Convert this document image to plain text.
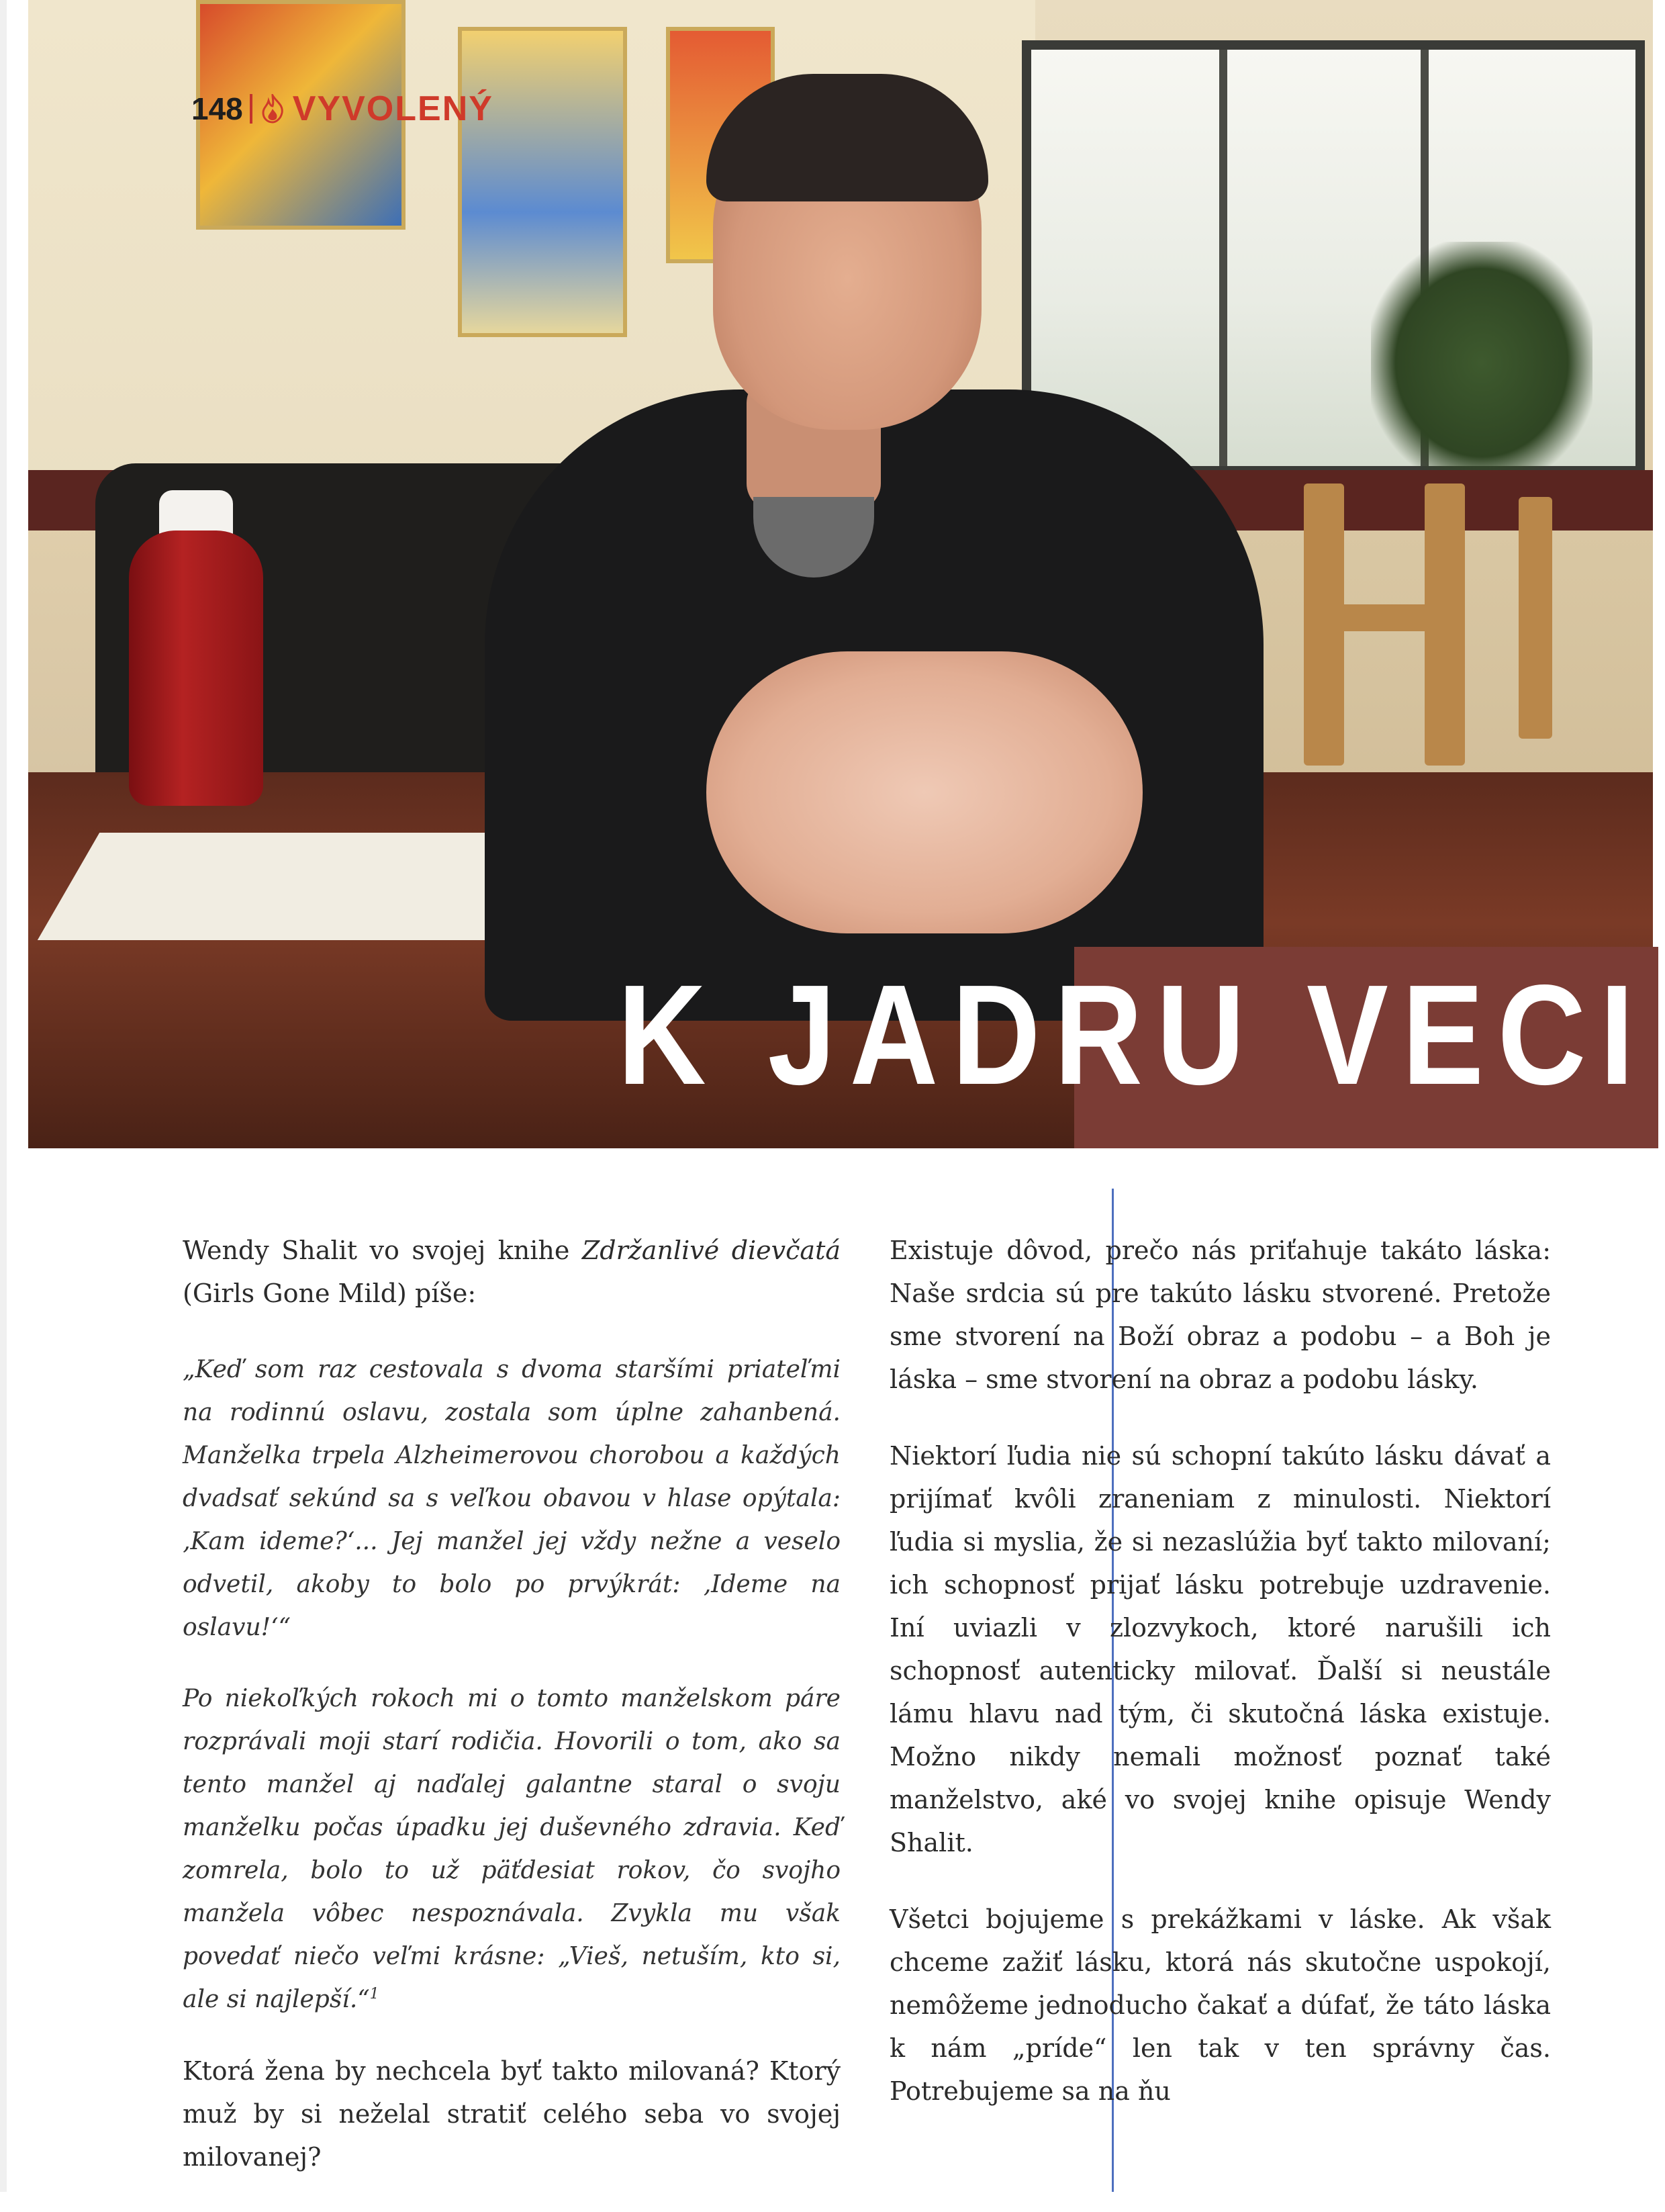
148 VYVOLENÝ
K JADRU VECI

Wendy Shalit vo svojej knihe Zdržanlivé dievčatá (Girls Gone Mild) píše:

„Keď som raz cestovala s dvoma staršími priateľmi na rodinnú oslavu, zostala som úplne zahanbená. Manželka trpela Alzheimerovou chorobou a každých dvadsať sekúnd sa s veľkou obavou v hlase opýtala: ‚Kam ideme?‘... Jej manžel jej vždy nežne a veselo odvetil, akoby to bolo po prvýkrát: ‚Ideme na oslavu!‘“

Po niekoľkých rokoch mi o tomto manželskom páre rozprávali moji starí rodičia. Hovorili o tom, ako sa tento manžel aj naďalej galantne staral o svoju manželku počas úpadku jej duševného zdravia. Keď zomrela, bolo to už päťdesiat rokov, čo svojho manžela vôbec nespoznávala. Zvykla mu však povedať niečo veľmi krásne: „Vieš, netuším, kto si, ale si najlepší.“$^1$

Ktorá žena by nechcela byť takto milovaná? Ktorý muž by si neželal stratiť celého seba vo svojej milovanej?

Existuje dôvod, prečo nás priťahuje takáto láska: Naše srdcia sú pre takúto lásku stvorené. Pretože sme stvorení na Boží obraz a podobu – a Boh je láska – sme stvorení na obraz a podobu lásky.

Niektorí ľudia nie sú schopní takúto lásku dávať a prijímať kvôli zraneniam z minulosti. Niektorí ľudia si myslia, že si nezaslúžia byť takto milovaní; ich schopnosť prijať lásku potrebuje uzdravenie. Iní uviazli v zlozvykoch, ktoré narušili ich schopnosť autenticky milovať. Ďalší si neustále lámu hlavu nad tým, či skutočná láska existuje. Možno nikdy nemali možnosť poznať také manželstvo, aké vo svojej knihe opisuje Wendy Shalit.

Všetci bojujeme s prekážkami v láske. Ak však chceme zažiť lásku, ktorá nás skutočne uspokojí, nemôžeme jednoducho čakať a dúfať, že táto láska k nám „príde“ len tak v ten správny čas. Potrebujeme sa na ňu
